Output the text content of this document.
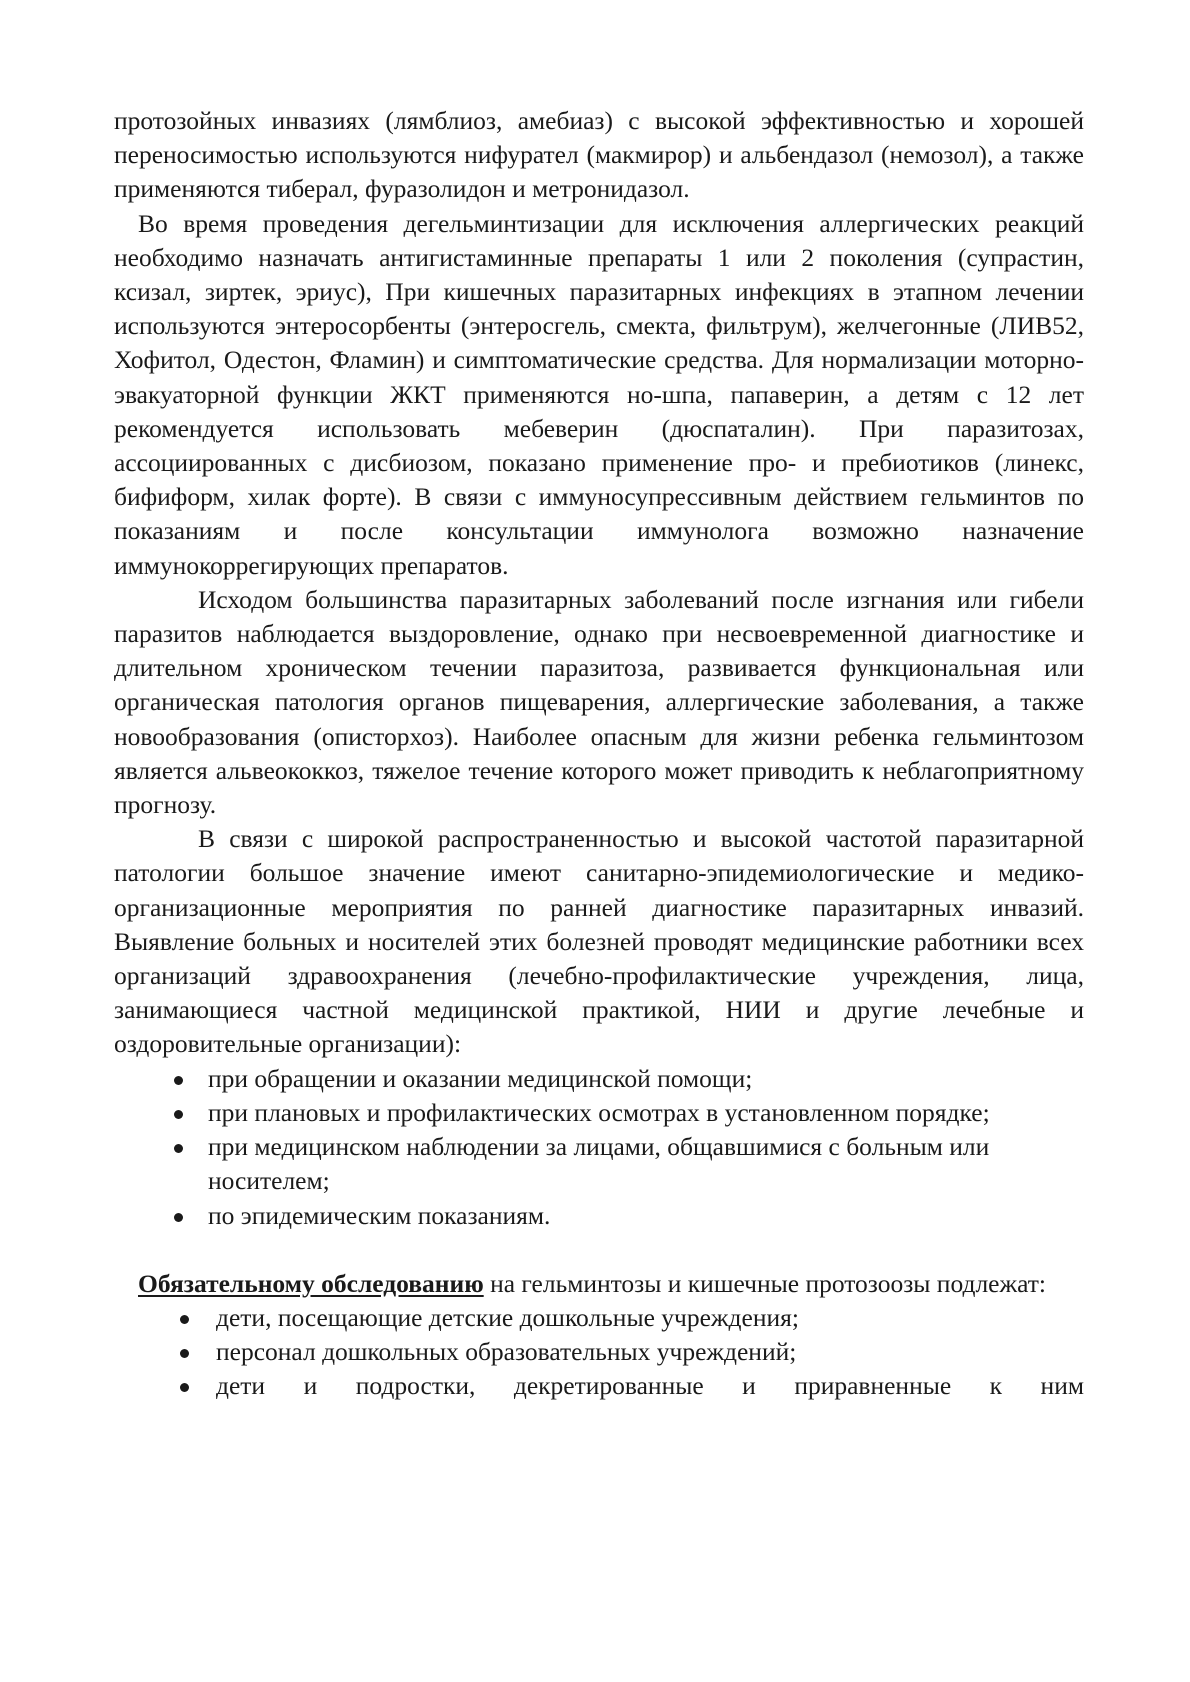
протозойных инвазиях (лямблиоз, амебиаз) с высокой эффективностью и хорошей переносимостью используются нифурател (макмирор) и альбендазол (немозол), а также применяются тиберал, фуразолидон и метронидазол.

Во время проведения дегельминтизации для исключения аллергических реакций необходимо назначать антигистаминные препараты 1 или 2 поколения (супрастин, ксизал, зиртек, эриус), При кишечных паразитарных инфекциях в этапном лечении используются энтеросорбенты (энтеросгель, смекта, фильтрум), желчегонные (ЛИВ52, Хофитол, Одестон, Фламин) и симптоматические средства. Для нормализации моторно-эвакуаторной функции ЖКТ применяются но-шпа, папаверин, а детям с 12 лет рекомендуется использовать мебеверин (дюспаталин). При паразитозах, ассоциированных с дисбиозом, показано применение про- и пребиотиков (линекс, бифиформ, хилак форте). В связи с иммуносупрессивным действием гельминтов по показаниям и после консультации иммунолога возможно назначение иммунокоррегирующих препаратов.

Исходом большинства паразитарных заболеваний после изгнания или гибели паразитов наблюдается выздоровление, однако при несвоевременной диагностике и длительном хроническом течении паразитоза, развивается функциональная или органическая патология органов пищеварения, аллергические заболевания, а также новообразования (описторхоз). Наиболее опасным для жизни ребенка гельминтозом является альвеококкоз, тяжелое течение которого может приводить к неблагоприятному прогнозу.

В связи с широкой распространенностью и высокой частотой паразитарной патологии большое значение имеют санитарно-эпидемиологические и медико-организационные мероприятия по ранней диагностике паразитарных инвазий. Выявление больных и носителей этих болезней проводят медицинские работники всех организаций здравоохранения (лечебно-профилактические учреждения, лица, занимающиеся частной медицинской практикой, НИИ и другие лечебные и оздоровительные организации):

при обращении и оказании медицинской помощи;
при плановых и профилактических осмотрах в установленном порядке;
при медицинском наблюдении за лицами, общавшимися с больным или носителем;
по эпидемическим показаниям.

Обязательному обследованию на гельминтозы и кишечные протозоозы подлежат:

дети, посещающие детские дошкольные учреждения;
персонал дошкольных образовательных учреждений;
дети и подростки, декретированные и приравненные к ним
